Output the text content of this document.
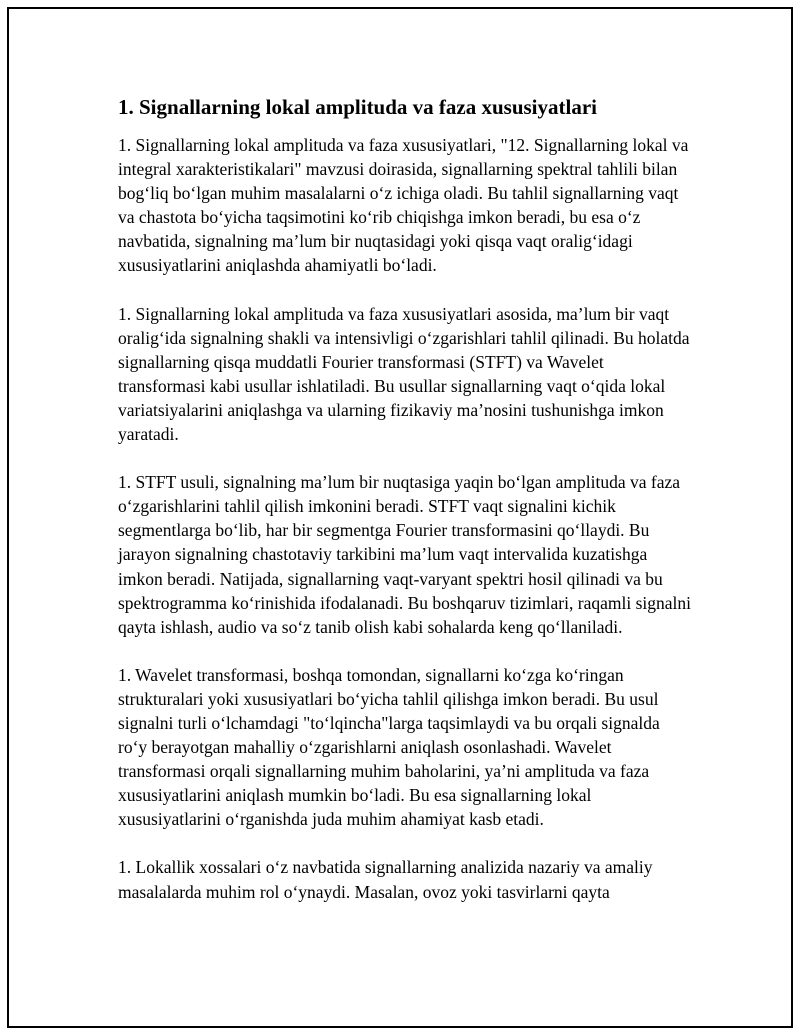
1. Signallarning lokal amplituda va faza xususiyatlari

1. Signallarning lokal amplituda va faza xususiyatlari, "12. Signallarning lokal va integral xarakteristikalari" mavzusi doirasida, signallarning spektral tahlili bilan bog‘liq bo‘lgan muhim masalalarni o‘z ichiga oladi. Bu tahlil signallarning vaqt va chastota bo‘yicha taqsimotini ko‘rib chiqishga imkon beradi, bu esa o‘z navbatida, signalning ma’lum bir nuqtasidagi yoki qisqa vaqt oralig‘idagi xususiyatlarini aniqlashda ahamiyatli bo‘ladi.

1. Signallarning lokal amplituda va faza xususiyatlari asosida, ma’lum bir vaqt oralig‘ida signalning shakli va intensivligi o‘zgarishlari tahlil qilinadi. Bu holatda signallarning qisqa muddatli Fourier transformasi (STFT) va Wavelet transformasi kabi usullar ishlatiladi. Bu usullar signallarning vaqt o‘qida lokal variatsiyalarini aniqlashga va ularning fizikaviy ma’nosini tushunishga imkon yaratadi.

1. STFT usuli, signalning ma’lum bir nuqtasiga yaqin bo‘lgan amplituda va faza o‘zgarishlarini tahlil qilish imkonini beradi. STFT vaqt signalini kichik segmentlarga bo‘lib, har bir segmentga Fourier transformasini qo‘llaydi. Bu jarayon signalning chastotaviy tarkibini ma’lum vaqt intervalida kuzatishga imkon beradi. Natijada, signallarning vaqt-varyant spektri hosil qilinadi va bu spektrogramma ko‘rinishida ifodalanadi. Bu boshqaruv tizimlari, raqamli signalni qayta ishlash, audio va so‘z tanib olish kabi sohalarda keng qo‘llaniladi.

1. Wavelet transformasi, boshqa tomondan, signallarni ko‘zga ko‘ringan strukturalari yoki xususiyatlari bo‘yicha tahlil qilishga imkon beradi. Bu usul signalni turli o‘lchamdagi "to‘lqincha"larga taqsimlaydi va bu orqali signalda ro‘y berayotgan mahalliy o‘zgarishlarni aniqlash osonlashadi. Wavelet transformasi orqali signallarning muhim baholarini, ya’ni amplituda va faza xususiyatlarini aniqlash mumkin bo‘ladi. Bu esa signallarning lokal xususiyatlarini o‘rganishda juda muhim ahamiyat kasb etadi.

1. Lokallik xossalari o‘z navbatida signallarning analizida nazariy va amaliy masalalarda muhim rol o‘ynaydi. Masalan, ovoz yoki tasvirlarni qayta
